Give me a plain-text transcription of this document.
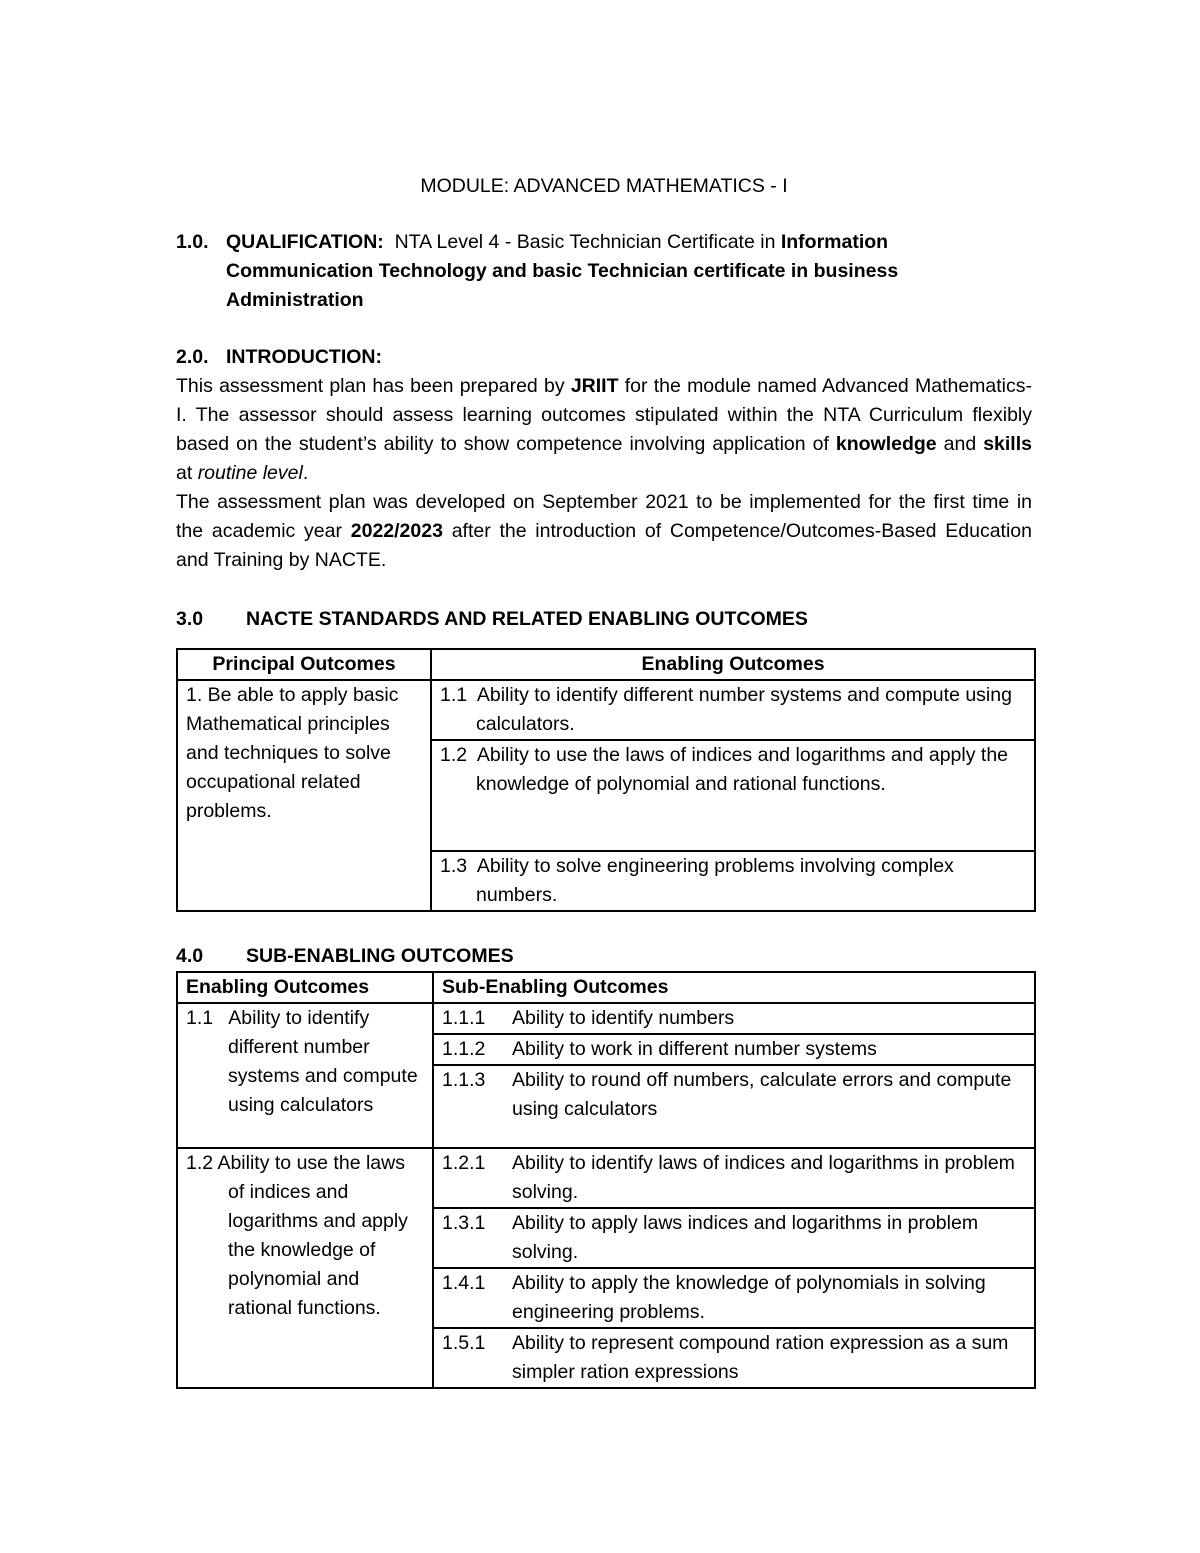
MODULE: ADVANCED MATHEMATICS - I

1.0. QUALIFICATION: NTA Level 4 - Basic Technician Certificate in Information Communication Technology and basic Technician certificate in business Administration
2.0. INTRODUCTION:

This assessment plan has been prepared by JRIIT for the module named Advanced Mathematics-I. The assessor should assess learning outcomes stipulated within the NTA Curriculum flexibly based on the student’s ability to show competence involving application of knowledge and skills at routine level.

The assessment plan was developed on September 2021 to be implemented for the first time in the academic year 2022/2023 after the introduction of Competence/Outcomes-Based Education and Training by NACTE.

3.0	NACTE STANDARDS AND RELATED ENABLING OUTCOMES
Principal Outcomes	Enabling Outcomes
1. Be able to apply basic Mathematical principles and techniques to solve occupational related problems.	1.1 Ability to identify different number systems and compute using calculators.

	1.2 Ability to use the laws of indices and logarithms and apply the knowledge of polynomial and rational functions.

	1.3 Ability to solve engineering problems involving complex numbers.
4.0	SUB-ENABLING OUTCOMES
Enabling Outcomes	Sub-Enabling Outcomes

1.1 Ability to identify different number systems and compute using calculators	1.1.1 Ability to identify numbers

	1.1.2 Ability to work in different number systems

	1.1.3 Ability to round off numbers, calculate errors and compute using calculators

1.2 Ability to use the laws of indices and logarithms and apply the knowledge of polynomial and rational functions.	1.2.1 Ability to identify laws of indices and logarithms in problem solving.

	1.3.1 Ability to apply laws indices and logarithms in problem solving.

	1.4.1 Ability to apply the knowledge of polynomials in solving engineering problems.

	1.5.1 Ability to represent compound ration expression as a sum simpler ration expressions
